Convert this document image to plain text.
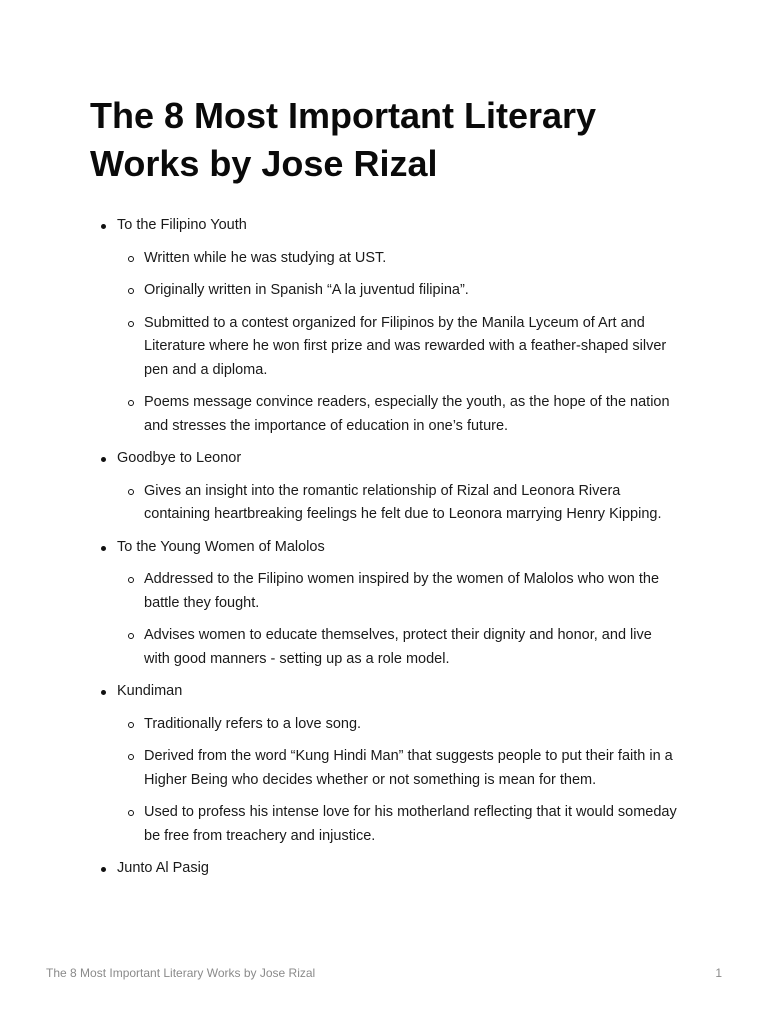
The 8 Most Important Literary Works by Jose Rizal
To the Filipino Youth
Written while he was studying at UST.
Originally written in Spanish “A la juventud filipina”.
Submitted to a contest organized for Filipinos by the Manila Lyceum of Art and Literature where he won first prize and was rewarded with a feather-shaped silver pen and a diploma.
Poems message convince readers, especially the youth, as the hope of the nation and stresses the importance of education in one’s future.
Goodbye to Leonor
Gives an insight into the romantic relationship of Rizal and Leonora Rivera containing heartbreaking feelings he felt due to Leonora marrying Henry Kipping.
To the Young Women of Malolos
Addressed to the Filipino women inspired by the women of Malolos who won the battle they fought.
Advises women to educate themselves, protect their dignity and honor, and live with good manners - setting up as a role model.
Kundiman
Traditionally refers to a love song.
Derived from the word “Kung Hindi Man” that suggests people to put their faith in a Higher Being who decides whether or not something is mean for them.
Used to profess his intense love for his motherland reflecting that it would someday be free from treachery and injustice.
Junto Al Pasig
The 8 Most Important Literary Works by Jose Rizal	1
